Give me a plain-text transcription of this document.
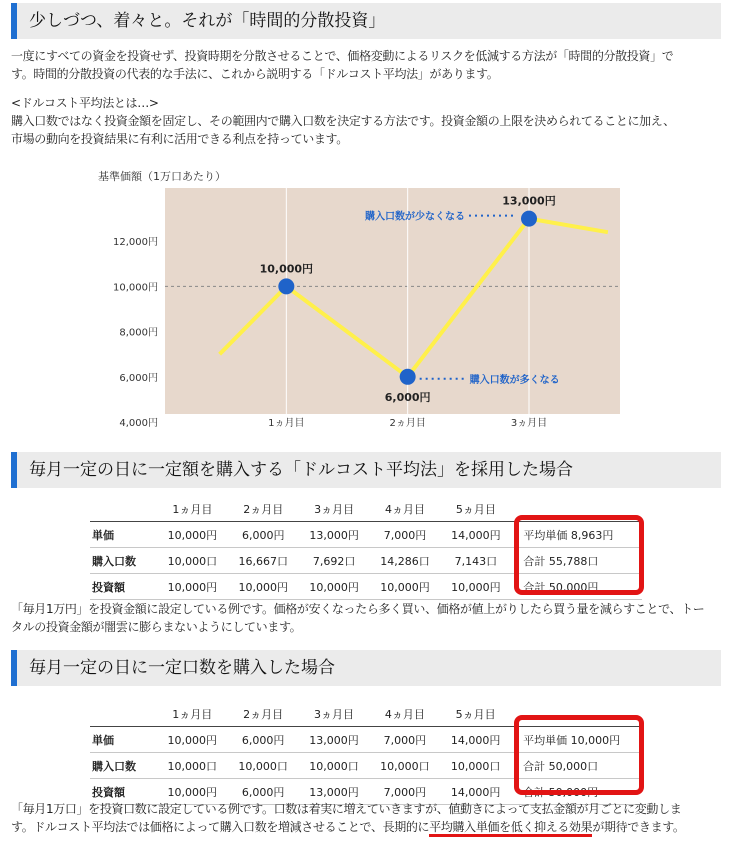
少しづつ、着々と。それが「時間的分散投資」
一度にすべての資金を投資せず、投資時期を分散させることで、価格変動によるリスクを低減する方法が「時間的分散投資」で
す。時間的分散投資の代表的な手法に、これから説明する「ドルコスト平均法」があります。
<ドルコスト平均法とは…>
購入口数ではなく投資金額を固定し、その範囲内で購入口数を決定する方法です。投資金額の上限を決められてることに加え、
市場の動向を投資結果に有利に活用できる利点を持っています。
基準価額（1万口あたり）
4,000円
6,000円
8,000円
10,000円
12,000円
1ヵ月目	2ヵ月目	3ヵ月目
購入口数が少なくなる
購入口数が多くなる
10,000円
6,000円
13,000円
毎月一定の日に一定額を購入する「ドルコスト平均法」を採用した場合
	1ヵ月目	2ヵ月目	3ヵ月目	4ヵ月目	5ヵ月目	
単価	10,000円	6,000円	13,000円	7,000円	14,000円	平均単価 8,963円
購入口数	10,000口	16,667口	7,692口	14,286口	7,143口	合計 55,788口
投資額	10,000円	10,000円	10,000円	10,000円	10,000円	合計 50,000円
「毎月1万円」を投資金額に設定している例です。価格が安くなったら多く買い、価格が値上がりしたら買う量を減らすことで、トー
タルの投資金額が闇雲に膨らまないようにしています。
毎月一定の日に一定口数を購入した場合
	1ヵ月目	2ヵ月目	3ヵ月目	4ヵ月目	5ヵ月目	
単価	10,000円	6,000円	13,000円	7,000円	14,000円	平均単価 10,000円
購入口数	10,000口	10,000口	10,000口	10,000口	10,000口	合計 50,000口
投資額	10,000円	6,000円	13,000円	7,000円	14,000円	合計 50,000円
「毎月1万口」を投資口数に設定している例です。口数は着実に増えていきますが、値動きによって支払金額が月ごとに変動しま
す。ドルコスト平均法では価格によって購入口数を増減させることで、長期的に平均購入単価を低く抑える効果が期待できます。
